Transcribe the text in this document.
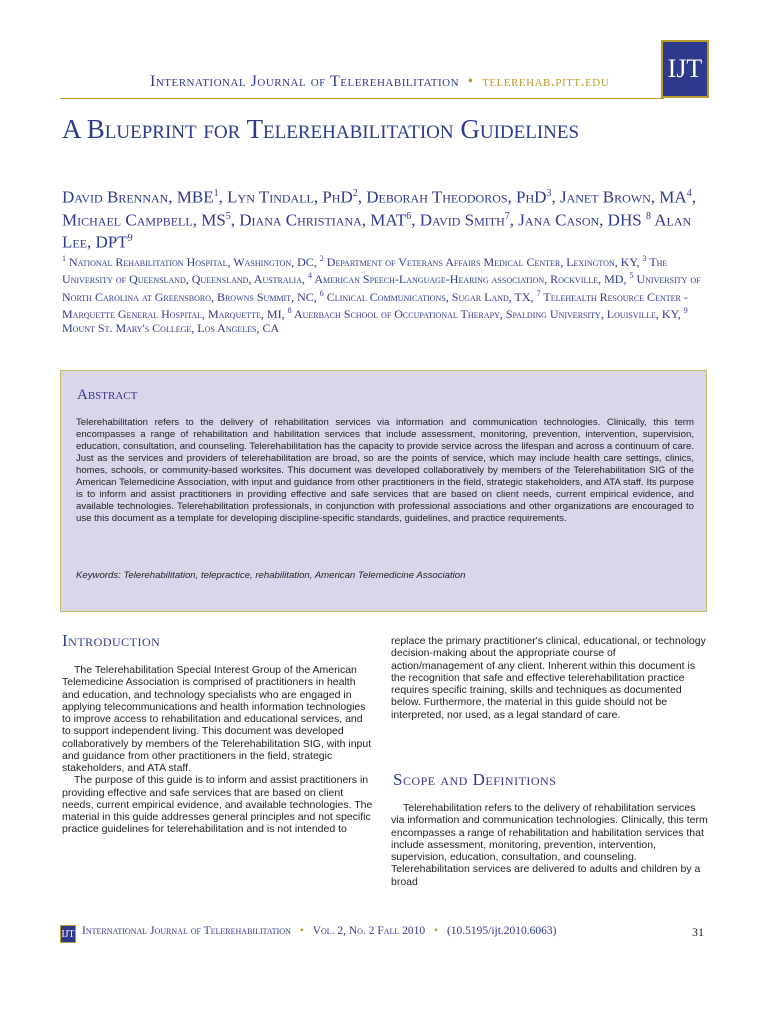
International Journal of Telerehabilitation • telerehab.pitt.edu IJT
A Blueprint for Telerehabilitation Guidelines
David Brennan, MBE$^1$, Lyn Tindall, PhD$^2$, Deborah Theodoros, PhD$^3$, Janet Brown, $MA^4$, Michael Campbell, $MS^5$, Diana Christiana, MAT$^6$, David Smith$^7$, Jana Cason, DHS $^8$ Alan Lee, DPT$^9$
$^1$ National Rehabilitation Hospital, Washington, DC, $^2$ Department of Veterans Affairs Medical Center, Lexington, KY, $^3$ The University of Queensland, Queensland, Australia, $^4$ American Speech-Language-Hearing association, Rockville, MD, $^5$ University of North Carolina at Greensboro, Browns Summit, NC, $^6$ Clinical Communications, Sugar Land, TX, $^7$ Telehealth Resource Center - Marquette General Hospital, Marquette, MI, $^8$ Auerbach School of Occupational Therapy, Spalding University, Louisville, KY, $^9$ Mount St. Mary's College, Los Angeles, CA
Abstract
Telerehabilitation refers to the delivery of rehabilitation services via information and communication technologies. Clinically, this term encompasses a range of rehabilitation and habilitation services that include assessment, monitoring, prevention, intervention, supervision, education, consultation, and counseling. Telerehabilitation has the capacity to provide service across the lifespan and across a continuum of care. Just as the services and providers of telerehabilitation are broad, so are the points of service, which may include health care settings, clinics, homes, schools, or community-based worksites. This document was developed collaboratively by members of the Telerehabilitation SIG of the American Telemedicine Association, with input and guidance from other practitioners in the field, strategic stakeholders, and ATA staff. Its purpose is to inform and assist practitioners in providing effective and safe services that are based on client needs, current empirical evidence, and available technologies. Telerehabilitation professionals, in conjunction with professional associations and other organizations are encouraged to use this document as a template for developing discipline-specific standards, guidelines, and practice requirements.
Keywords: Telerehabilitation, telepractice, rehabilitation, American Telemedicine Association
Introduction

The Telerehabilitation Special Interest Group of the American Telemedicine Association is comprised of practitioners in health and education, and technology specialists who are engaged in applying telecommunications and health information technologies to improve access to rehabilitation and educational services, and to support independent living. This document was developed collaboratively by members of the Telerehabilitation SIG, with input and guidance from other practitioners in the field, strategic stakeholders, and ATA staff.

The purpose of this guide is to inform and assist practitioners in providing effective and safe services that are based on client needs, current empirical evidence, and available technologies. The material in this guide addresses general principles and not specific practice guidelines for telerehabilitation and is not intended to

replace the primary practitioner's clinical, educational, or technology decision-making about the appropriate course of action/management of any client. Inherent within this document is the recognition that safe and effective telerehabilitation practice requires specific training, skills and techniques as documented below. Furthermore, the material in this guide should not be interpreted, nor used, as a legal standard of care.

Scope and Definitions

Telerehabilitation refers to the delivery of rehabilitation services via information and communication technologies. Clinically, this term encompasses a range of rehabilitation and habilitation services that include assessment, monitoring, prevention, intervention, supervision, education, consultation, and counseling. Telerehabilitation services are delivered to adults and children by a broad

IJT International Journal of Telerehabilitation • Vol. 2, No. 2 Fall 2010 • (10.5195/ijt.2010.6063)	31
